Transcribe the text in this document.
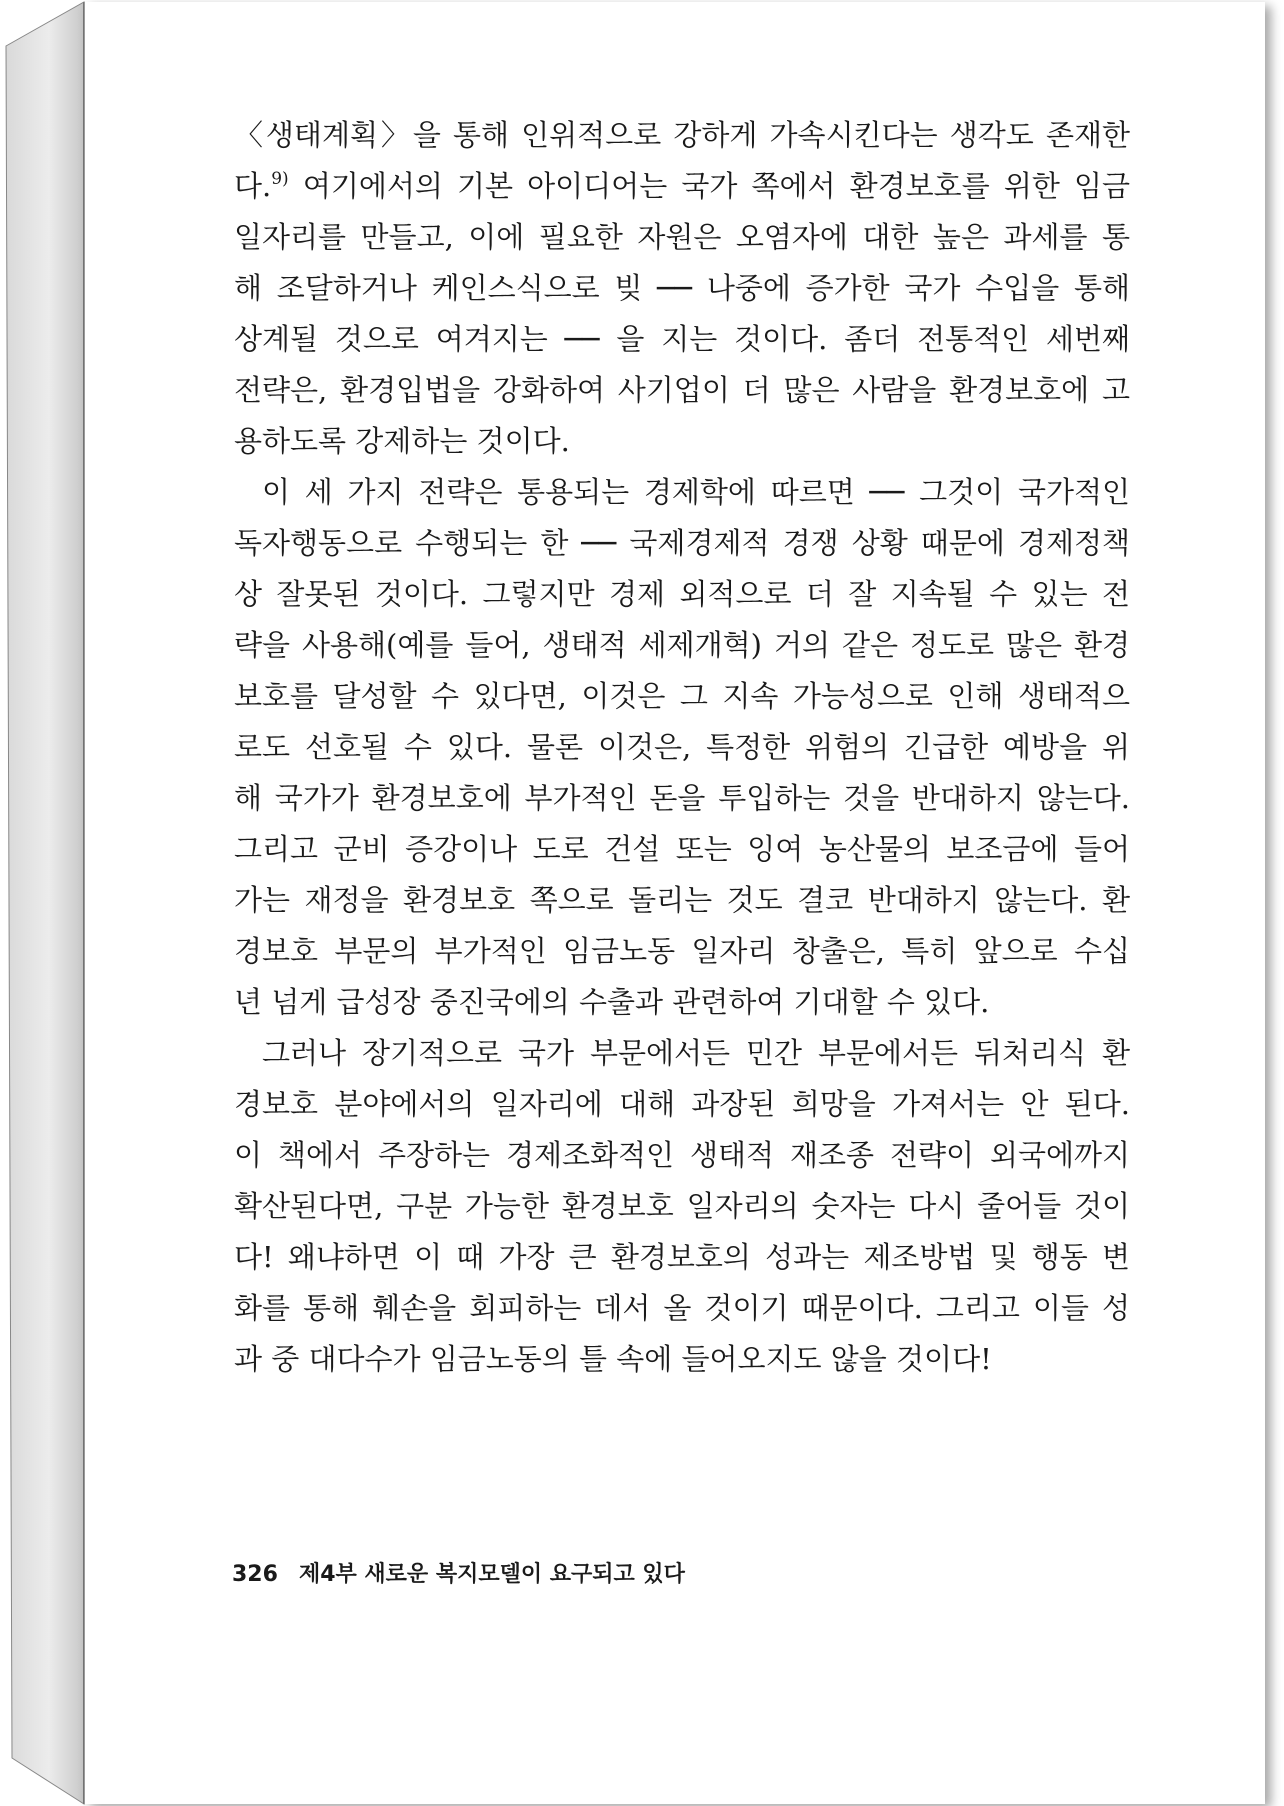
〈생태계획〉을 통해 인위적으로 강하게 가속시킨다는 생각도 존재한
다.$^{9)}$ 여기에서의 기본 아이디어는 국가 쪽에서 환경보호를 위한 임금
일자리를 만들고, 이에 필요한 자원은 오염자에 대한 높은 과세를 통
해 조달하거나 케인스식으로 빚 ── 나중에 증가한 국가 수입을 통해
상계될 것으로 여겨지는 ── 을 지는 것이다. 좀더 전통적인 세번째
전략은, 환경입법을 강화하여 사기업이 더 많은 사람을 환경보호에 고
용하도록 강제하는 것이다.
이 세 가지 전략은 통용되는 경제학에 따르면 ── 그것이 국가적인
독자행동으로 수행되는 한 ── 국제경제적 경쟁 상황 때문에 경제정책
상 잘못된 것이다. 그렇지만 경제 외적으로 더 잘 지속될 수 있는 전
략을 사용해(예를 들어, 생태적 세제개혁) 거의 같은 정도로 많은 환경
보호를 달성할 수 있다면, 이것은 그 지속 가능성으로 인해 생태적으
로도 선호될 수 있다. 물론 이것은, 특정한 위험의 긴급한 예방을 위
해 국가가 환경보호에 부가적인 돈을 투입하는 것을 반대하지 않는다.
그리고 군비 증강이나 도로 건설 또는 잉여 농산물의 보조금에 들어
가는 재정을 환경보호 쪽으로 돌리는 것도 결코 반대하지 않는다. 환
경보호 부문의 부가적인 임금노동 일자리 창출은, 특히 앞으로 수십
년 넘게 급성장 중진국에의 수출과 관련하여 기대할 수 있다.
그러나 장기적으로 국가 부문에서든 민간 부문에서든 뒤처리식 환
경보호 분야에서의 일자리에 대해 과장된 희망을 가져서는 안 된다.
이 책에서 주장하는 경제조화적인 생태적 재조종 전략이 외국에까지
확산된다면, 구분 가능한 환경보호 일자리의 숫자는 다시 줄어들 것이
다! 왜냐하면 이 때 가장 큰 환경보호의 성과는 제조방법 및 행동 변
화를 통해 훼손을 회피하는 데서 올 것이기 때문이다. 그리고 이들 성
과 중 대다수가 임금노동의 틀 속에 들어오지도 않을 것이다!
326 제4부 새로운 복지모델이 요구되고 있다
